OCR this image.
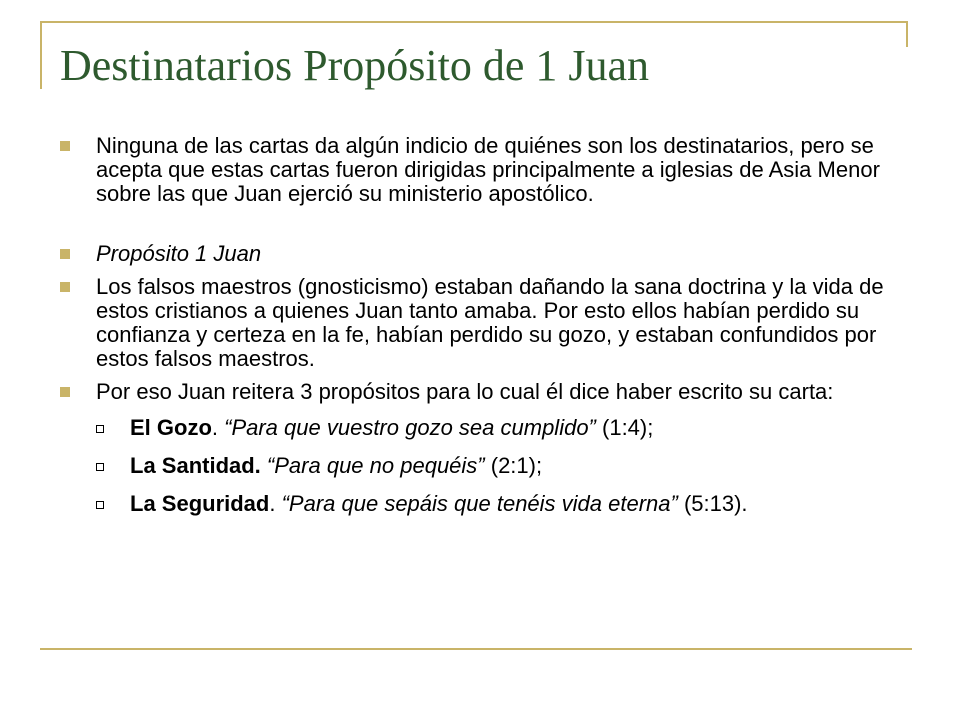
Destinatarios Propósito de 1 Juan
Ninguna de las cartas da algún indicio de quiénes son los destinatarios, pero se acepta que estas cartas fueron dirigidas principalmente a iglesias de Asia Menor sobre las que Juan ejerció su ministerio apostólico.
Propósito 1 Juan
Los falsos maestros (gnosticismo) estaban dañando la sana doctrina y la vida de estos cristianos a quienes Juan tanto amaba. Por esto ellos habían perdido su confianza y certeza en la fe, habían perdido su gozo, y estaban confundidos por estos falsos maestros.
Por eso Juan reitera 3 propósitos para lo cual él dice haber escrito su carta:
El Gozo. “Para que vuestro gozo sea cumplido” (1:4);
La Santidad. “Para que no pequéis” (2:1);
La Seguridad. “Para que sepáis que tenéis vida eterna” (5:13).
